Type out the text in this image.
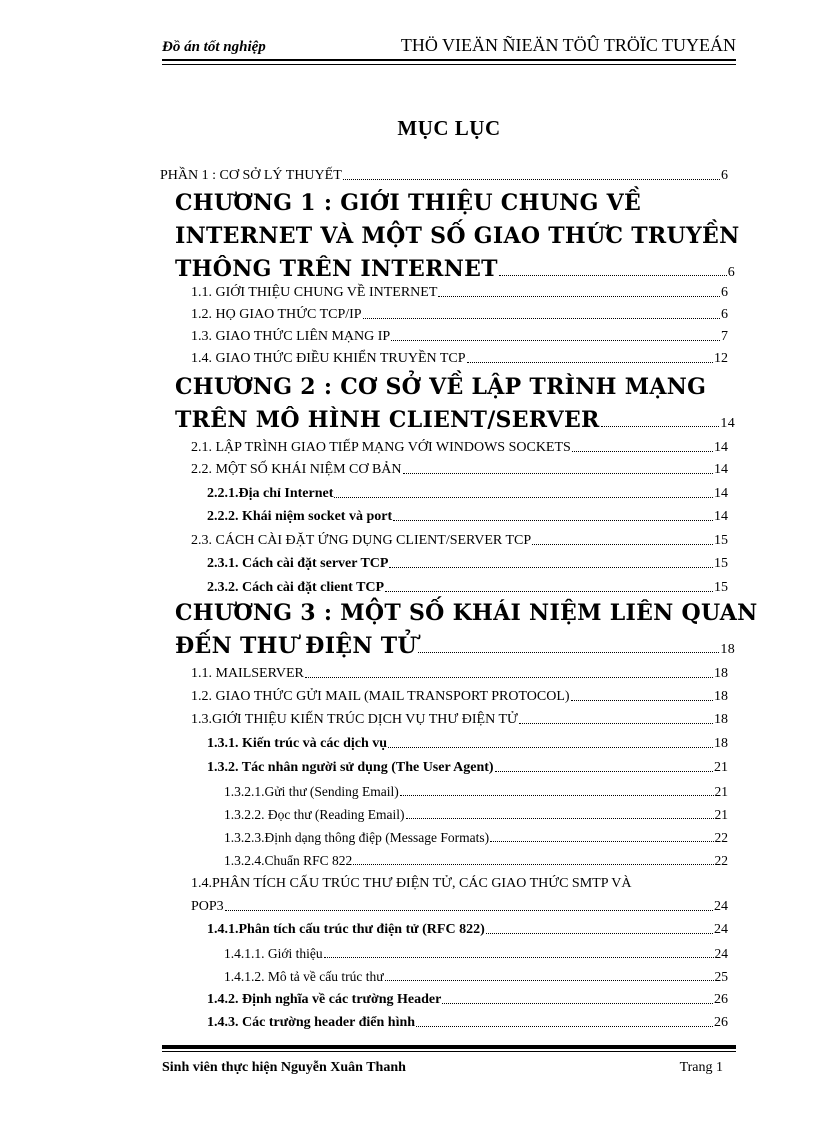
Đồ án tốt nghiệp	THÖ VIEÄN ÑIEÄN TÖÛ TRÖÏC TUYEÁN
MỤC LỤC
PHẦN 1 : CƠ SỞ LÝ THUYẾT	6
CHƯƠNG 1 : GIỚI THIỆU CHUNG VỀ
INTERNET VÀ MỘT SỐ GIAO THỨC TRUYỀN
THÔNG TRÊN INTERNET	6
1.1. GIỚI THIỆU CHUNG VỀ INTERNET	6
1.2. HỌ GIAO THỨC TCP/IP	6
1.3. GIAO THỨC LIÊN MẠNG IP	7
1.4. GIAO THỨC ĐIỀU KHIỂN TRUYỀN TCP	12
CHƯƠNG 2 : CƠ SỞ VỀ LẬP TRÌNH MẠNG
TRÊN MÔ HÌNH CLIENT/SERVER	14
2.1. LẬP TRÌNH GIAO TIẾP MẠNG VỚI WINDOWS SOCKETS	14
2.2. MỘT SỐ KHÁI NIỆM CƠ BẢN	14
2.2.1.Địa chỉ Internet	14
2.2.2. Khái niệm socket và port	14
2.3. CÁCH CÀI ĐẶT ỨNG DỤNG CLIENT/SERVER TCP	15
2.3.1. Cách cài đặt server TCP	15
2.3.2. Cách cài đặt client TCP	15
CHƯƠNG 3 : MỘT SỐ KHÁI NIỆM LIÊN QUAN
ĐẾN THƯ ĐIỆN TỬ	18
1.1. MAILSERVER	18
1.2. GIAO THỨC GỬI MAIL (MAIL TRANSPORT PROTOCOL)	18
1.3.GIỚI THIỆU KIẾN TRÚC DỊCH VỤ THƯ ĐIỆN TỬ	18
1.3.1. Kiến trúc và các dịch vụ	18
1.3.2. Tác nhân người sử dụng (The User Agent)	21
1.3.2.1.Gửi thư (Sending Email)	21
1.3.2.2. Đọc thư (Reading Email)	21
1.3.2.3.Định dạng thông điệp (Message Formats)	22
1.3.2.4.Chuẩn RFC 822	22
1.4.PHÂN TÍCH CẤU TRÚC THƯ ĐIỆN TỬ, CÁC GIAO THỨC SMTP VÀ
POP3	24
1.4.1.Phân tích cấu trúc thư điện tử (RFC 822)	24
1.4.1.1. Giới thiệu	24
1.4.1.2. Mô tả về cấu trúc thư	25
1.4.2. Định nghĩa về các trường Header	26
1.4.3. Các trường header điển hình	26
Sinh viên thực hiện Nguyễn Xuân Thanh	Trang 1
